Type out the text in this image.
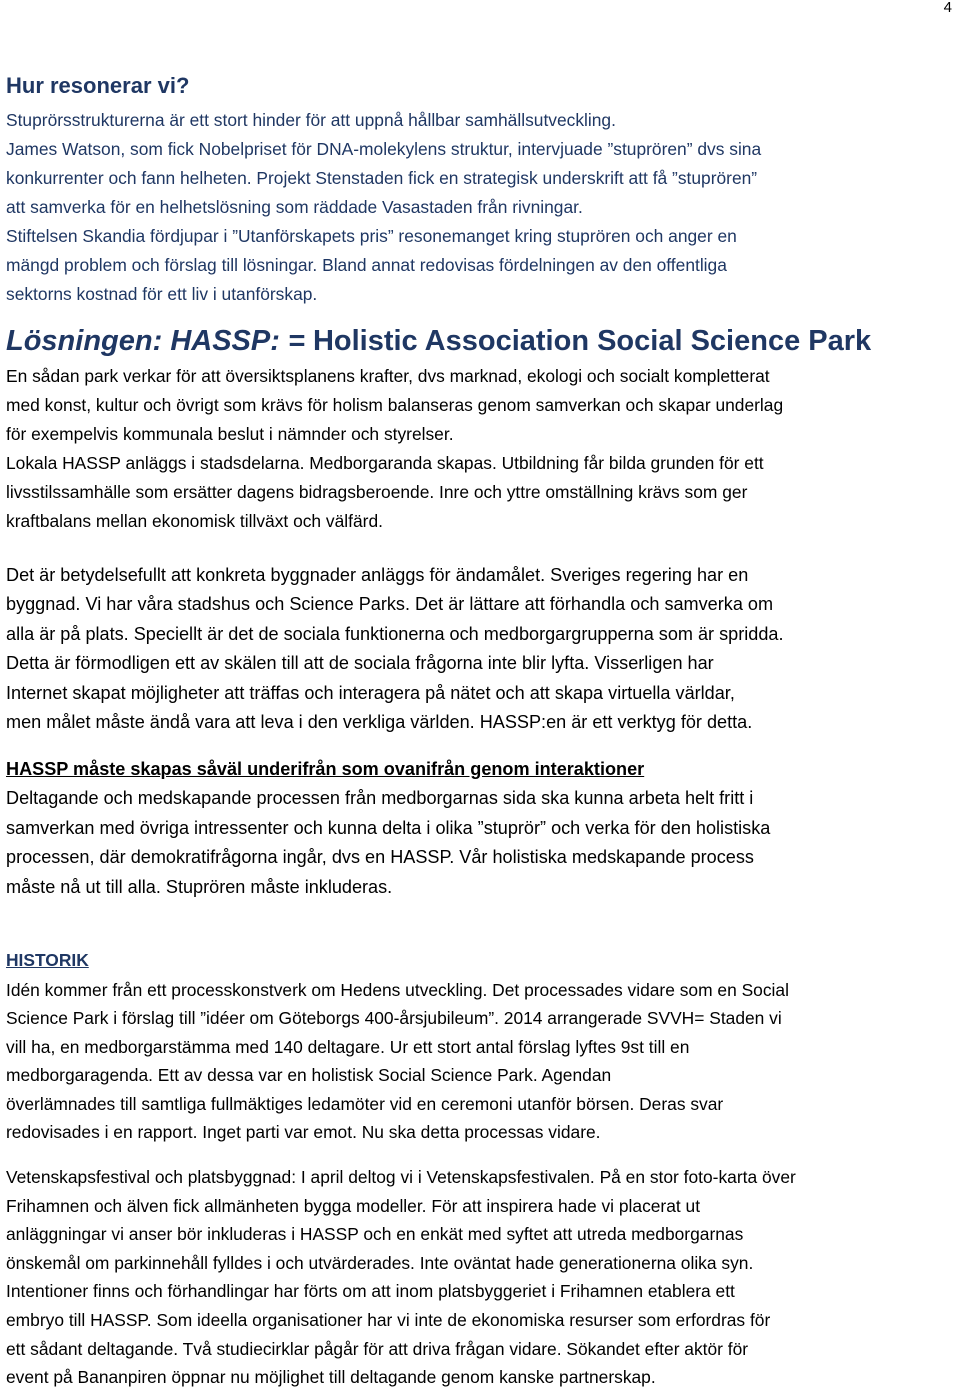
4
Hur resonerar vi?
Stuprörsstrukturerna är ett stort hinder för att uppnå hållbar samhällsutveckling.
James Watson, som fick Nobelpriset för DNA-molekylens struktur, intervjuade ”stuprören” dvs sina
konkurrenter och fann helheten. Projekt Stenstaden fick en strategisk underskrift att få ”stuprören”
att samverka för en helhetslösning som räddade Vasastaden från rivningar.
Stiftelsen Skandia fördjupar i ”Utanförskapets pris” resonemanget kring stuprören och anger en
mängd problem och förslag till lösningar. Bland annat redovisas fördelningen av den offentliga
sektorns kostnad för ett liv i utanförskap.
Lösningen: HASSP: = Holistic Association Social Science Park
En sådan park verkar för att översiktsplanens krafter, dvs marknad, ekologi och socialt kompletterat
med konst, kultur och övrigt som krävs för holism balanseras genom samverkan och skapar underlag
för exempelvis kommunala beslut i nämnder och styrelser.
Lokala HASSP anläggs i stadsdelarna. Medborgaranda skapas. Utbildning får bilda grunden för ett
livsstilssamhälle som ersätter dagens bidragsberoende. Inre och yttre omställning krävs som ger
kraftbalans mellan ekonomisk tillväxt och välfärd.
Det är betydelsefullt att konkreta byggnader anläggs för ändamålet. Sveriges regering har en
byggnad. Vi har våra stadshus och Science Parks. Det är lättare att förhandla och samverka om
alla är på plats. Speciellt är det de sociala funktionerna och medborgargrupperna som är spridda.
Detta är förmodligen ett av skälen till att de sociala frågorna inte blir lyfta. Visserligen har
Internet skapat möjligheter att träffas och interagera på nätet och att skapa virtuella världar,
men målet måste ändå vara att leva i den verkliga världen. HASSP:en är ett verktyg för detta.
HASSP måste skapas såväl underifrån som ovanifrån genom interaktioner
Deltagande och medskapande processen från medborgarnas sida ska kunna arbeta helt fritt i
samverkan med övriga intressenter och kunna delta i olika ”stuprör” och verka för den holistiska
processen, där demokratifrågorna ingår, dvs en HASSP. Vår holistiska medskapande process
måste nå ut till alla. Stuprören måste inkluderas.
HISTORIK
Idén kommer från ett processkonstverk om Hedens utveckling. Det processades vidare som en Social
Science Park i förslag till ”idéer om Göteborgs 400-årsjubileum”. 2014 arrangerade SVVH= Staden vi
vill ha, en medborgarstämma med 140 deltagare. Ur ett stort antal förslag lyftes 9st till en
medborgaragenda. Ett av dessa var en holistisk Social Science Park. Agendan
överlämnades till samtliga fullmäktiges ledamöter vid en ceremoni utanför börsen. Deras svar
redovisades i en rapport. Inget parti var emot. Nu ska detta processas vidare.
Vetenskapsfestival och platsbyggnad: I april deltog vi i Vetenskapsfestivalen. På en stor foto-karta över
Frihamnen och älven fick allmänheten bygga modeller. För att inspirera hade vi placerat ut
anläggningar vi anser bör inkluderas i HASSP och en enkät med syftet att utreda medborgarnas
önskemål om parkinnehåll fylldes i och utvärderades. Inte oväntat hade generationerna olika syn.
Intentioner finns och förhandlingar har förts om att inom platsbyggeriet i Frihamnen etablera ett
embryo till HASSP. Som ideella organisationer har vi inte de ekonomiska resurser som erfordras för
ett sådant deltagande. Två studiecirklar pågår för att driva frågan vidare. Sökandet efter aktör för
event på Bananpiren öppnar nu möjlighet till deltagande genom kanske partnerskap.
